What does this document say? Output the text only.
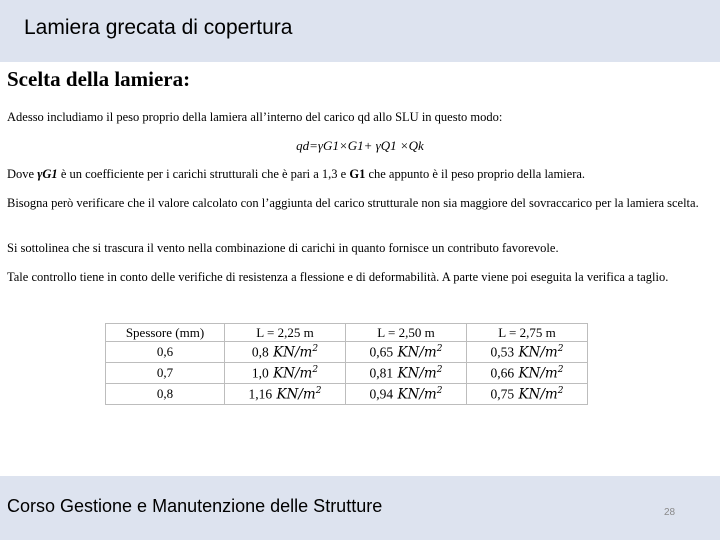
Lamiera grecata di copertura
Scelta della lamiera:
Adesso includiamo il peso proprio della lamiera all’interno del carico qd allo SLU in questo modo:
qd=γG1×G1+ γQ1 ×Qk
Dove γG1 è un coefficiente per i carichi strutturali che è pari a 1,3 e G1 che appunto è il peso proprio della lamiera.
Bisogna però verificare che il valore calcolato con l’aggiunta del carico strutturale non sia maggiore del sovraccarico per la lamiera scelta.
Si sottolinea che si trascura il vento nella combinazione di carichi in quanto fornisce un contributo favorevole.
Tale controllo tiene in conto delle verifiche di resistenza a flessione e di deformabilità. A parte viene poi eseguita la verifica a taglio.
Spessore (mm)	L = 2,25 m	L = 2,50 m	L = 2,75 m
0,6	0,8 $KN/m^2$	0,65 $KN/m^2$	0,53 $KN/m^2$
0,7	1,0 $KN/m^2$	0,81 $KN/m^2$	0,66 $KN/m^2$
0,8	1,16 $KN/m^2$	0,94 $KN/m^2$	0,75 $KN/m^2$
Corso Gestione e Manutenzione delle Strutture	28
